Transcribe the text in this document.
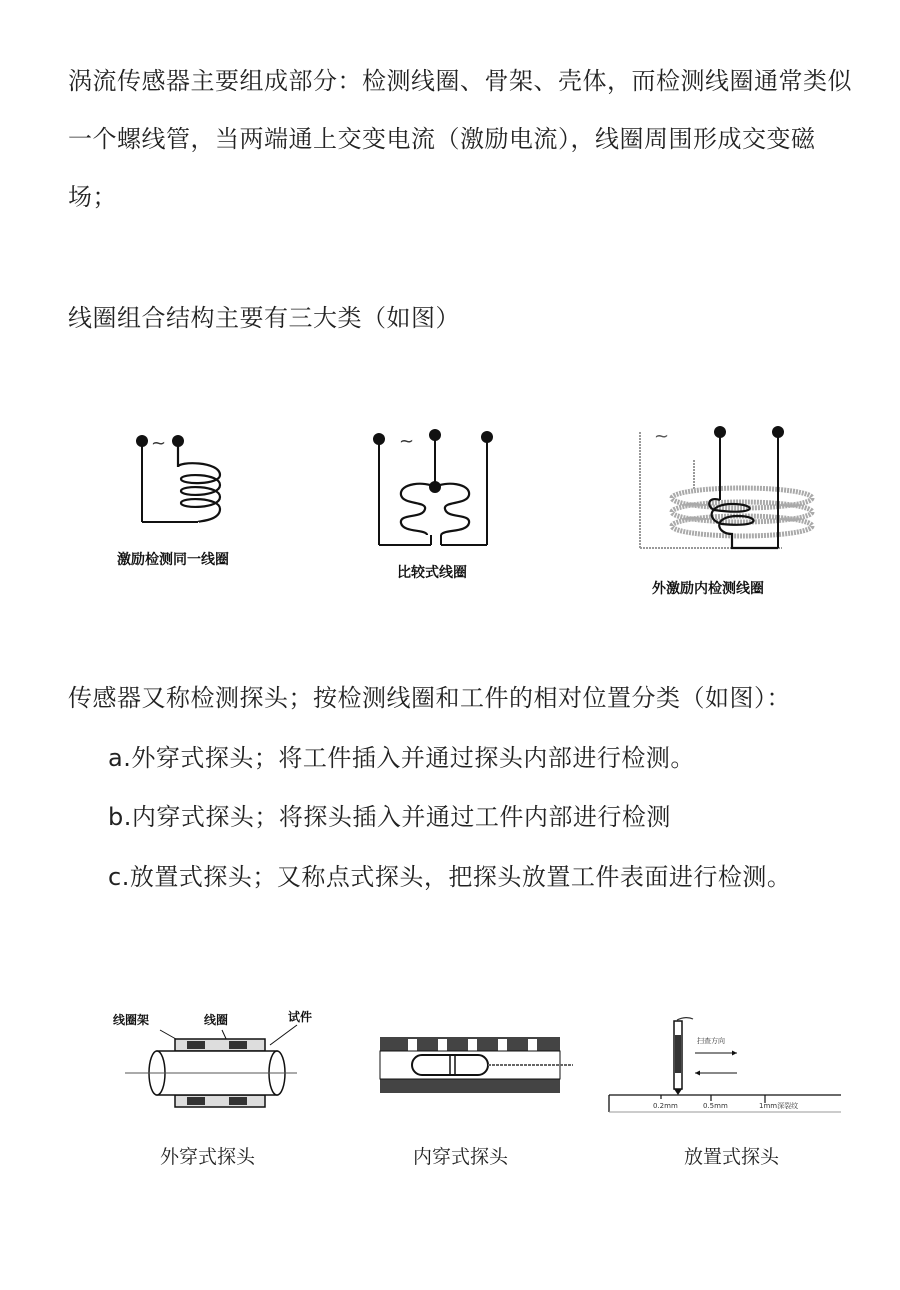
涡流传感器主要组成部分：检测线圈、骨架、壳体，而检测线圈通常类似一个螺线管，当两端通上交变电流（激励电流），线圈周围形成交变磁场；
线圈组合结构主要有三大类（如图）
~
激励检测同一线圈
~
比较式线圈
~
外激励内检测线圈
传感器又称检测探头；按检测线圈和工件的相对位置分类（如图）：
a.外穿式探头；将工件插入并通过探头内部进行检测。
b.内穿式探头；将探头插入并通过工件内部进行检测
c.放置式探头；又称点式探头，把探头放置工件表面进行检测。
线圈架	线圈	试件
外穿式探头	内穿式探头
扫查方向
0.2mm	0.5mm	1mm深裂纹
放置式探头
